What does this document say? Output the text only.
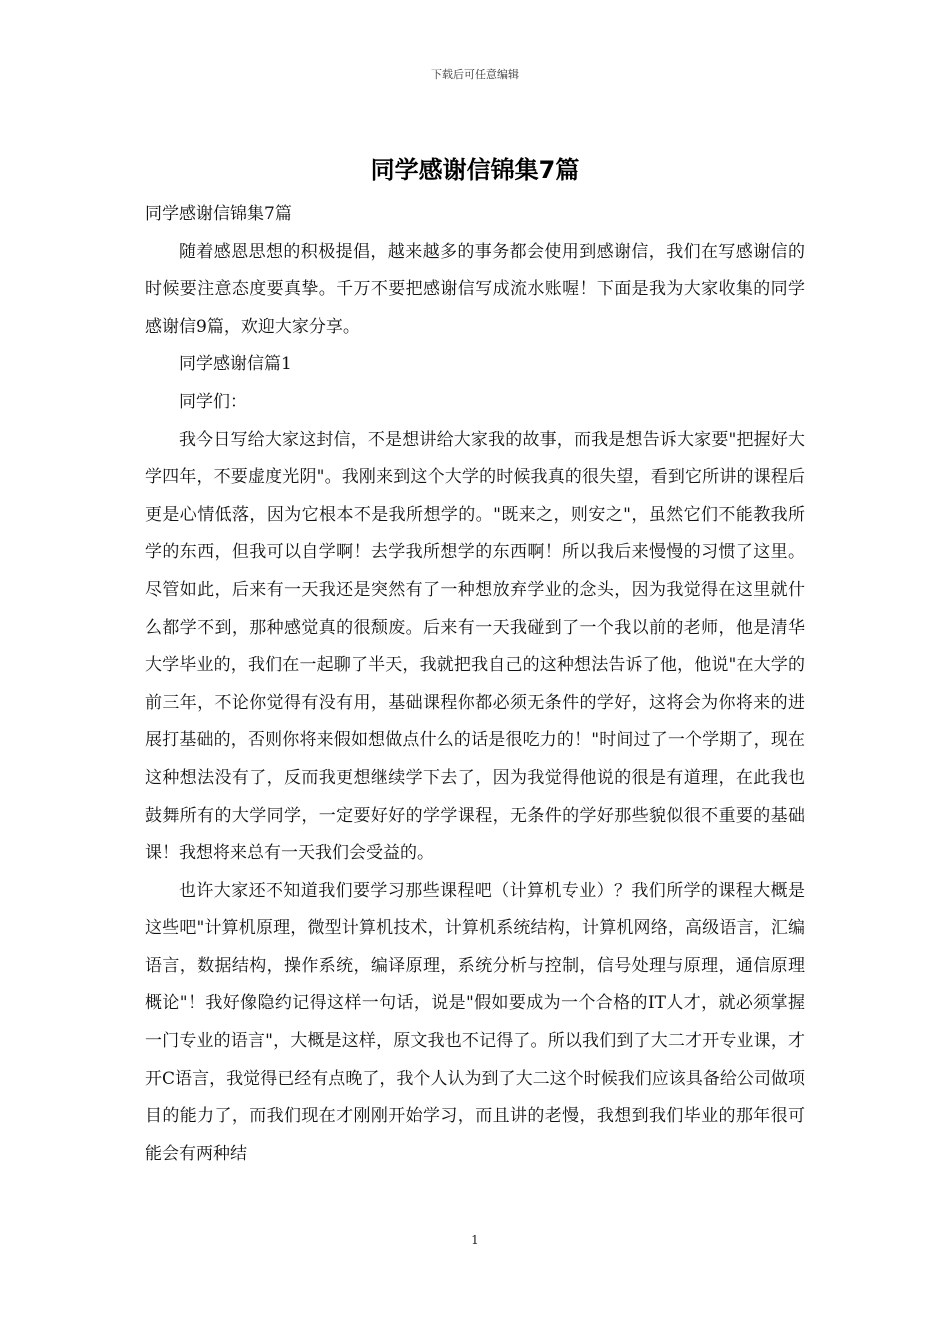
下载后可任意编辑
同学感谢信锦集7篇

同学感谢信锦集7篇

随着感恩思想的积极提倡，越来越多的事务都会使用到感谢信，我们在写感谢信的时候要注意态度要真挚。千万不要把感谢信写成流水账喔！下面是我为大家收集的同学感谢信9篇，欢迎大家分享。

同学感谢信篇1

同学们：

我今日写给大家这封信，不是想讲给大家我的故事，而我是想告诉大家要"把握好大学四年，不要虚度光阴"。我刚来到这个大学的时候我真的很失望，看到它所讲的课程后更是心情低落，因为它根本不是我所想学的。"既来之，则安之"，虽然它们不能教我所学的东西，但我可以自学啊！去学我所想学的东西啊！所以我后来慢慢的习惯了这里。尽管如此，后来有一天我还是突然有了一种想放弃学业的念头，因为我觉得在这里就什么都学不到，那种感觉真的很颓废。后来有一天我碰到了一个我以前的老师，他是清华大学毕业的，我们在一起聊了半天，我就把我自己的这种想法告诉了他，他说"在大学的前三年，不论你觉得有没有用，基础课程你都必须无条件的学好，这将会为你将来的进展打基础的，否则你将来假如想做点什么的话是很吃力的！"时间过了一个学期了，现在这种想法没有了，反而我更想继续学下去了，因为我觉得他说的很是有道理，在此我也鼓舞所有的大学同学，一定要好好的学学课程，无条件的学好那些貌似很不重要的基础课！我想将来总有一天我们会受益的。

也许大家还不知道我们要学习那些课程吧（计算机专业）？我们所学的课程大概是这些吧"计算机原理，微型计算机技术，计算机系统结构，计算机网络，高级语言，汇编语言，数据结构，操作系统，编译原理，系统分析与控制，信号处理与原理，通信原理概论"！我好像隐约记得这样一句话，说是"假如要成为一个合格的IT人才，就必须掌握一门专业的语言"，大概是这样，原文我也不记得了。所以我们到了大二才开专业课，才开C语言，我觉得已经有点晚了，我个人认为到了大二这个时候我们应该具备给公司做项目的能力了，而我们现在才刚刚开始学习，而且讲的老慢，我想到我们毕业的那年很可能会有两种结

1
